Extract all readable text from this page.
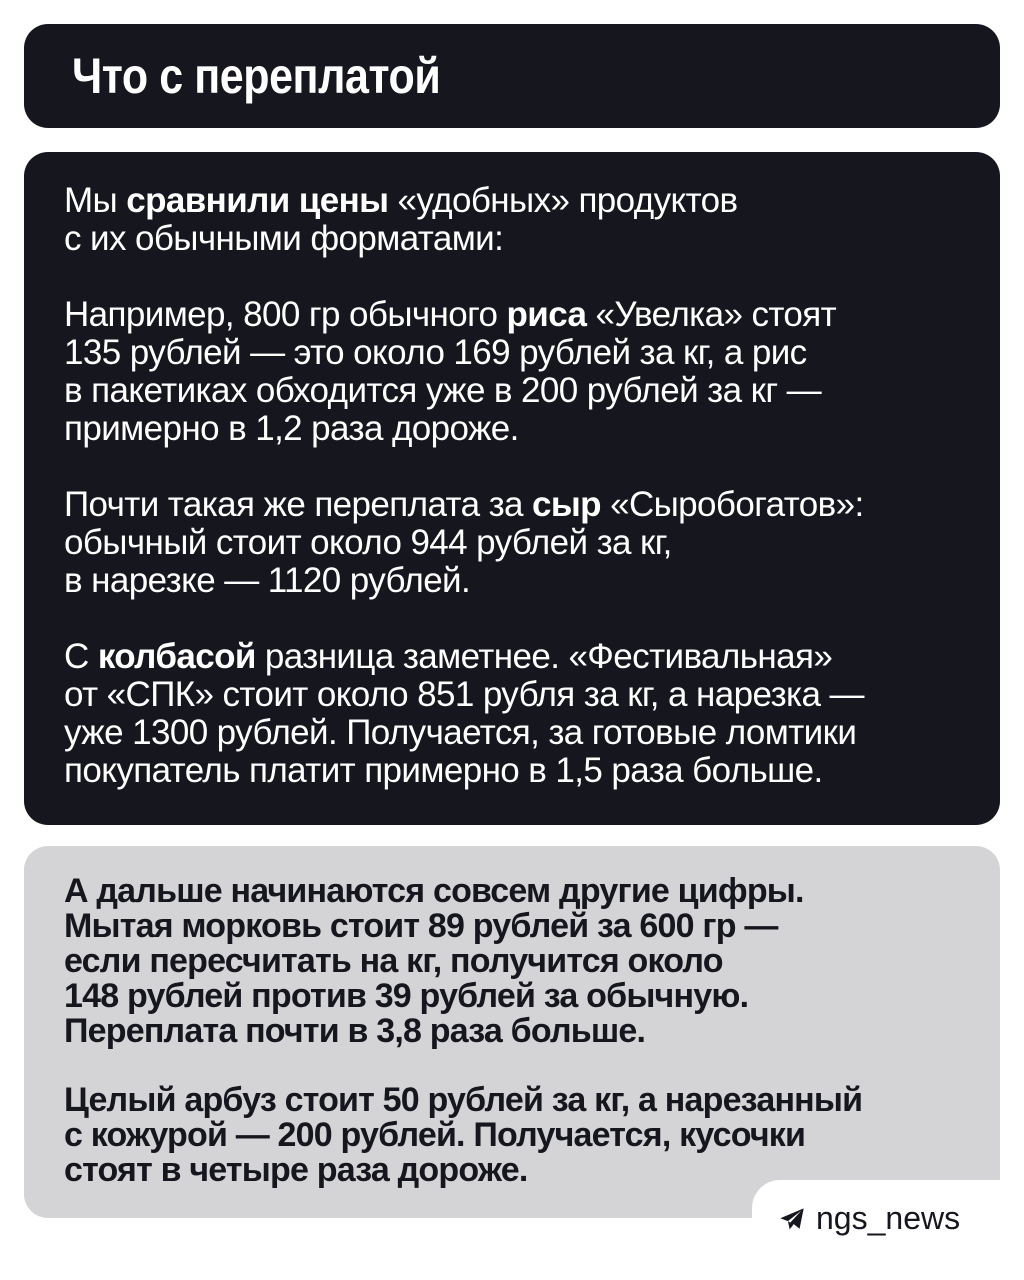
Что с переплатой

Мы сравнили цены «удобных» продуктов
с их обычными форматами:

Например, 800 гр обычного риса «Увелка» стоят
135 рублей — это около 169 рублей за кг, а рис
в пакетиках обходится уже в 200 рублей за кг —
примерно в 1,2 раза дороже.

Почти такая же переплата за сыр «Сыробогатов»:
обычный стоит около 944 рублей за кг,
в нарезке — 1120 рублей.

С колбасой разница заметнее. «Фестивальная»
от «СПК» стоит около 851 рубля за кг, а нарезка —
уже 1300 рублей. Получается, за готовые ломтики
покупатель платит примерно в 1,5 раза больше.

А дальше начинаются совсем другие цифры.
Мытая морковь стоит 89 рублей за 600 гр —
если пересчитать на кг, получится около
148 рублей против 39 рублей за обычную.
Переплата почти в 3,8 раза больше.

Целый арбуз стоит 50 рублей за кг, а нарезанный
с кожурой — 200 рублей. Получается, кусочки
стоят в четыре раза дороже.

ngs_news
